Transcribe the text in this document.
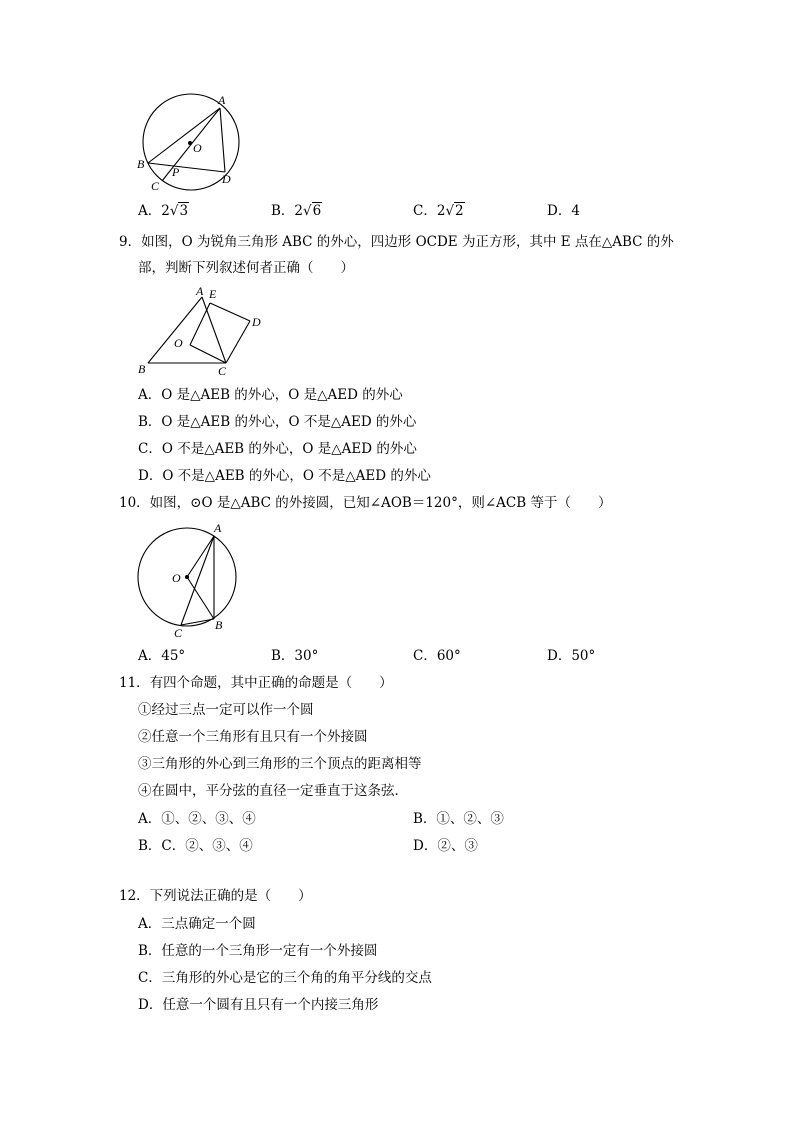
A
O
B
P
C	D
A．2√3	B．2√6	C．2√2	D．4
9．如图，O 为锐角三角形 ABC 的外心，四边形 OCDE 为正方形，其中 E 点在△ABC 的外
部，判断下列叙述何者正确（　　）
A E
D
O
B	C
A．O 是△AEB 的外心，O 是△AED 的外心
B．O 是△AEB 的外心，O 不是△AED 的外心
C．O 不是△AEB 的外心，O 是△AED 的外心
D．O 不是△AEB 的外心，O 不是△AED 的外心
10．如图，⊙O 是△ABC 的外接圆，已知∠AOB＝120°，则∠ACB 等于（　　）
A
O
B
C
A．45°	B．30°	C．60°	D．50°
11．有四个命题，其中正确的命题是（　　）
①经过三点一定可以作一个圆
②任意一个三角形有且只有一个外接圆
③三角形的外心到三角形的三个顶点的距离相等
④在圆中，平分弦的直径一定垂直于这条弦．
A．①、②、③、④	B．①、②、③
B．C．②、③、④	D．②、③
12．下列说法正确的是（　　）
A．三点确定一个圆
B．任意的一个三角形一定有一个外接圆
C．三角形的外心是它的三个角的角平分线的交点
D．任意一个圆有且只有一个内接三角形
